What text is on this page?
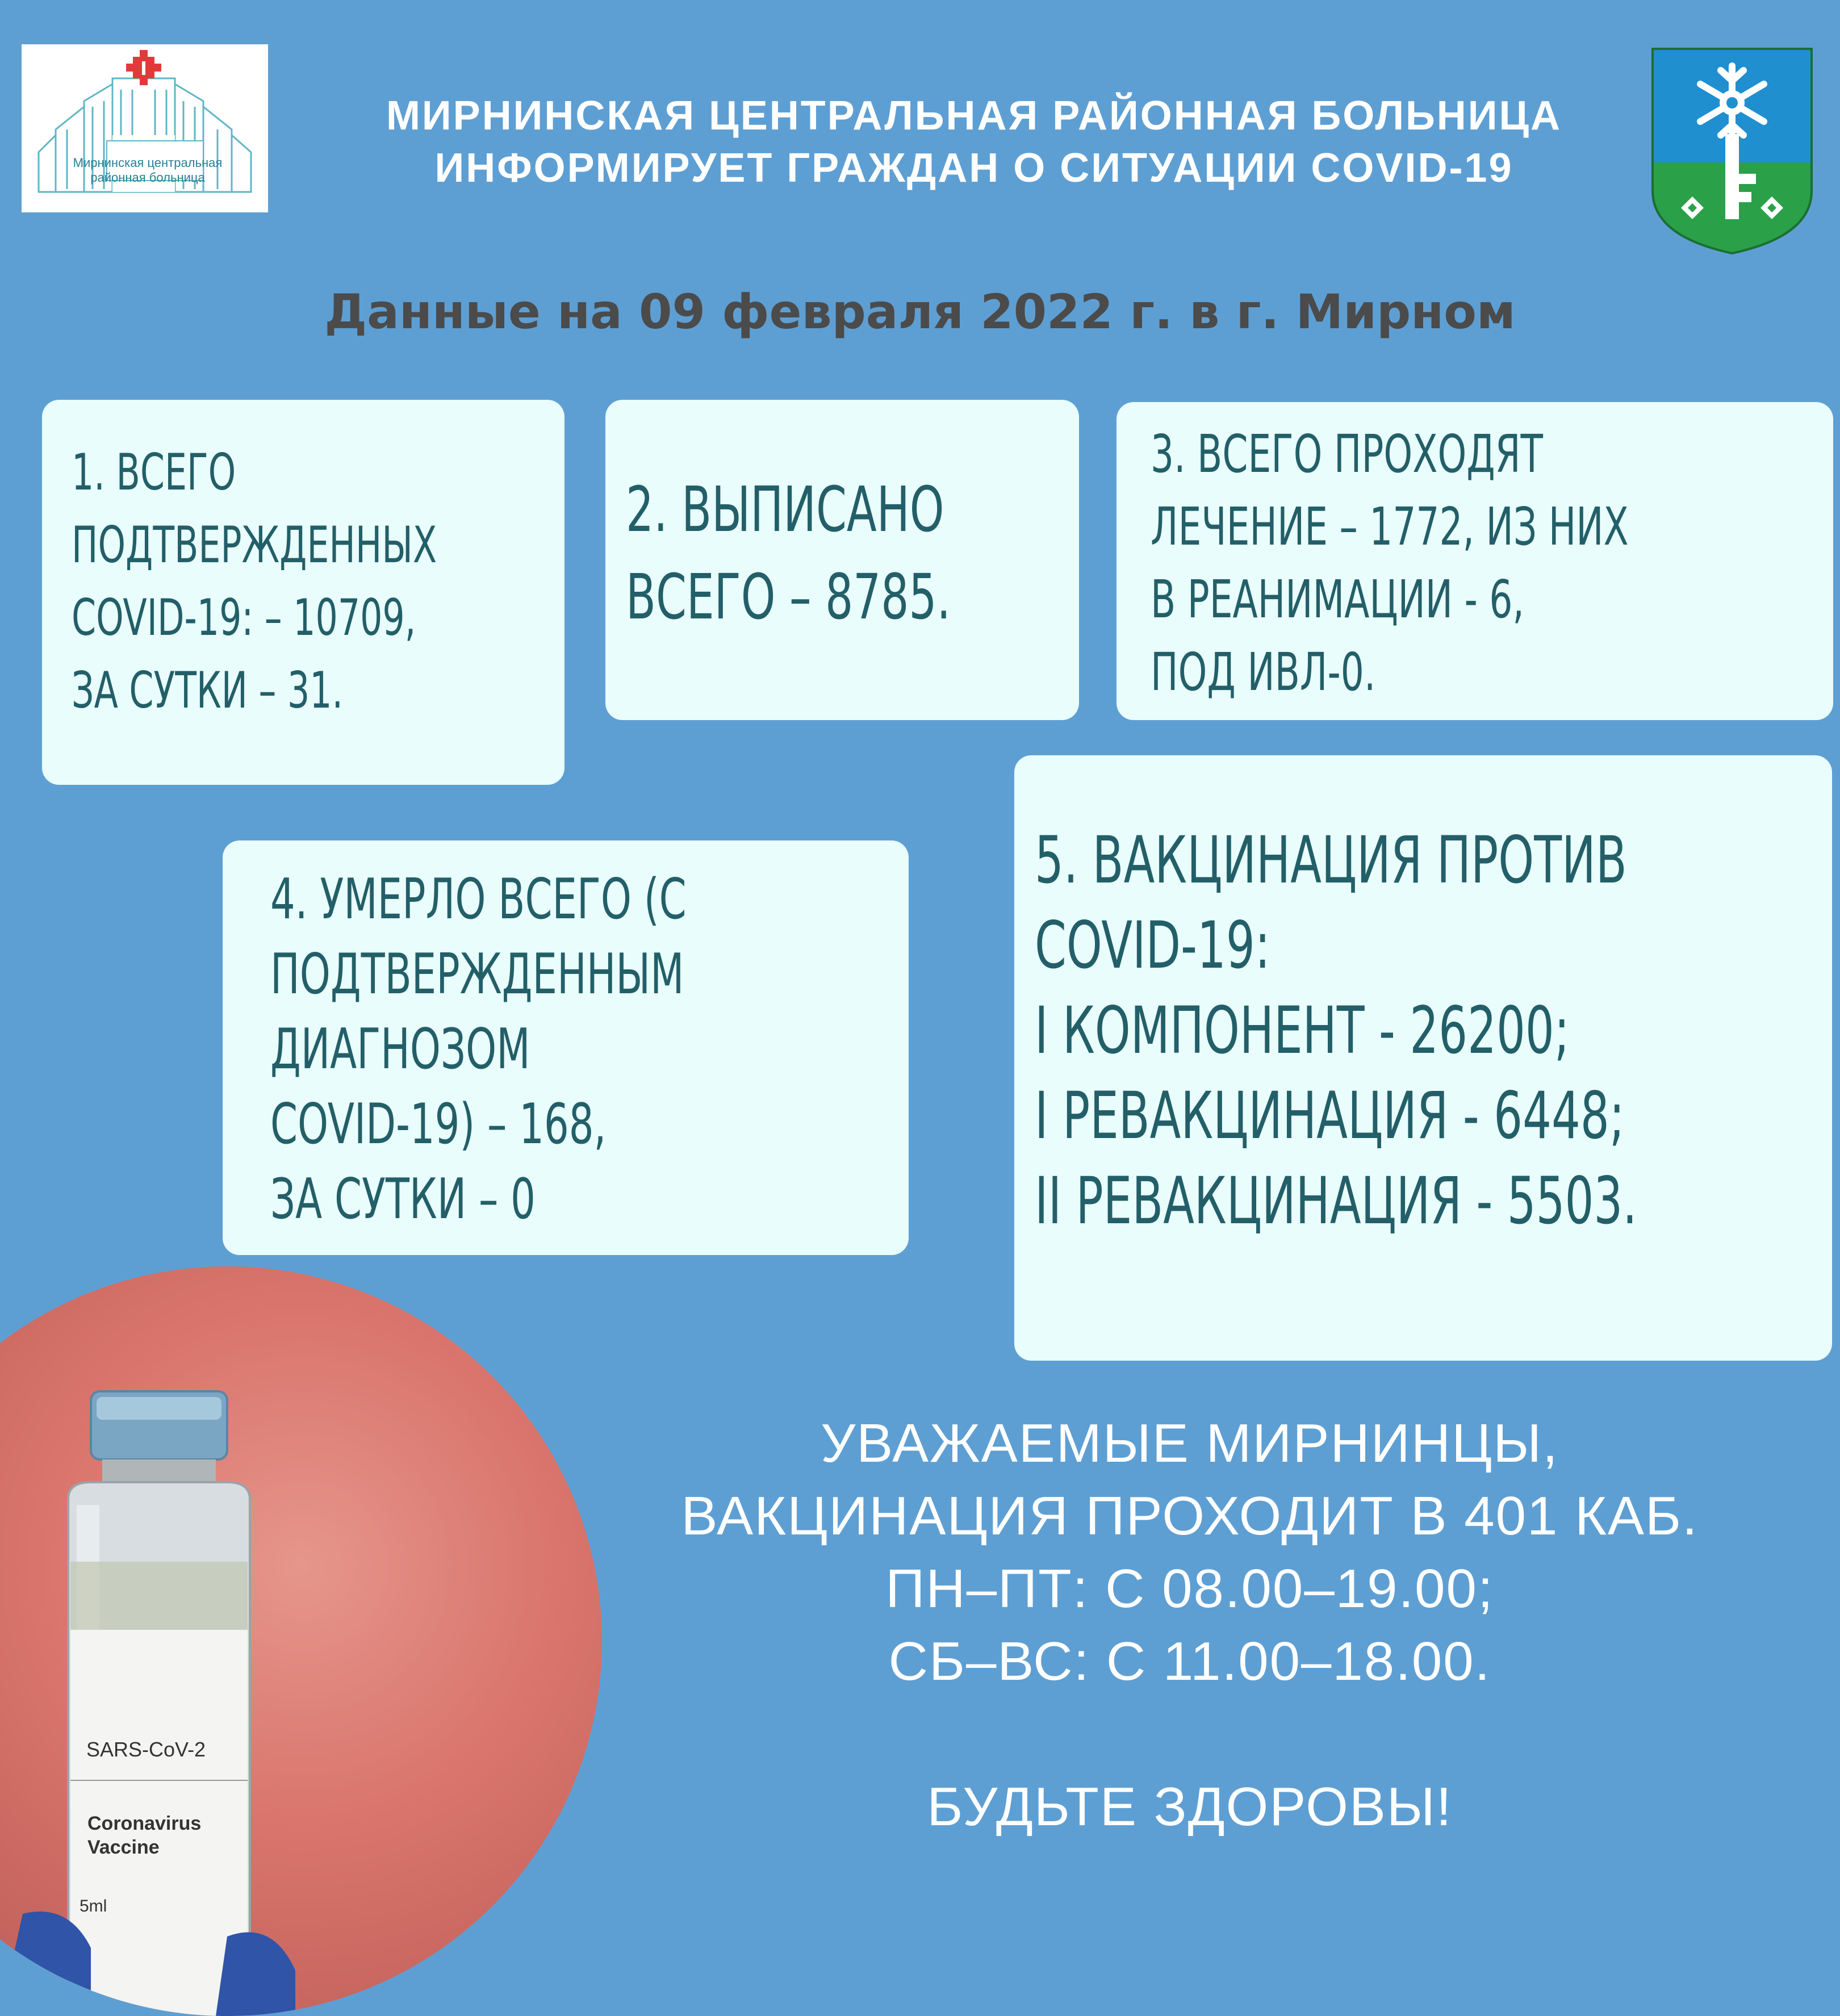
Мирнинская центральная
районная больница
МИРНИНСКАЯ ЦЕНТРАЛЬНАЯ РАЙОННАЯ БОЛЬНИЦА
ИНФОРМИРУЕТ ГРАЖДАН О СИТУАЦИИ COVID-19
Данные на 09 февраля 2022 г. в г. Мирном
1. ВСЕГО
ПОДТВЕРЖДЕННЫХ
COVID-19: – 10709,
ЗА СУТКИ – 31.
2. ВЫПИСАНО
ВСЕГО – 8785.
3. ВСЕГО ПРОХОДЯТ
ЛЕЧЕНИЕ – 1772, ИЗ НИХ
В РЕАНИМАЦИИ - 6,
ПОД ИВЛ-0.
4. УМЕРЛО ВСЕГО (С
ПОДТВЕРЖДЕННЫМ
ДИАГНОЗОМ
COVID-19) – 168,
ЗА СУТКИ – 0
5. ВАКЦИНАЦИЯ ПРОТИВ
COVID-19:
I КОМПОНЕНТ - 26200;
I РЕВАКЦИНАЦИЯ - 6448;
II РЕВАКЦИНАЦИЯ - 5503.
SARS-CoV-2
Coronavirus
Vaccine
5ml
УВАЖАЕМЫЕ МИРНИНЦЫ,
ВАКЦИНАЦИЯ ПРОХОДИТ В 401 КАБ.
ПН–ПТ: С 08.00–19.00;
СБ–ВС: С 11.00–18.00.
БУДЬТЕ ЗДОРОВЫ!
